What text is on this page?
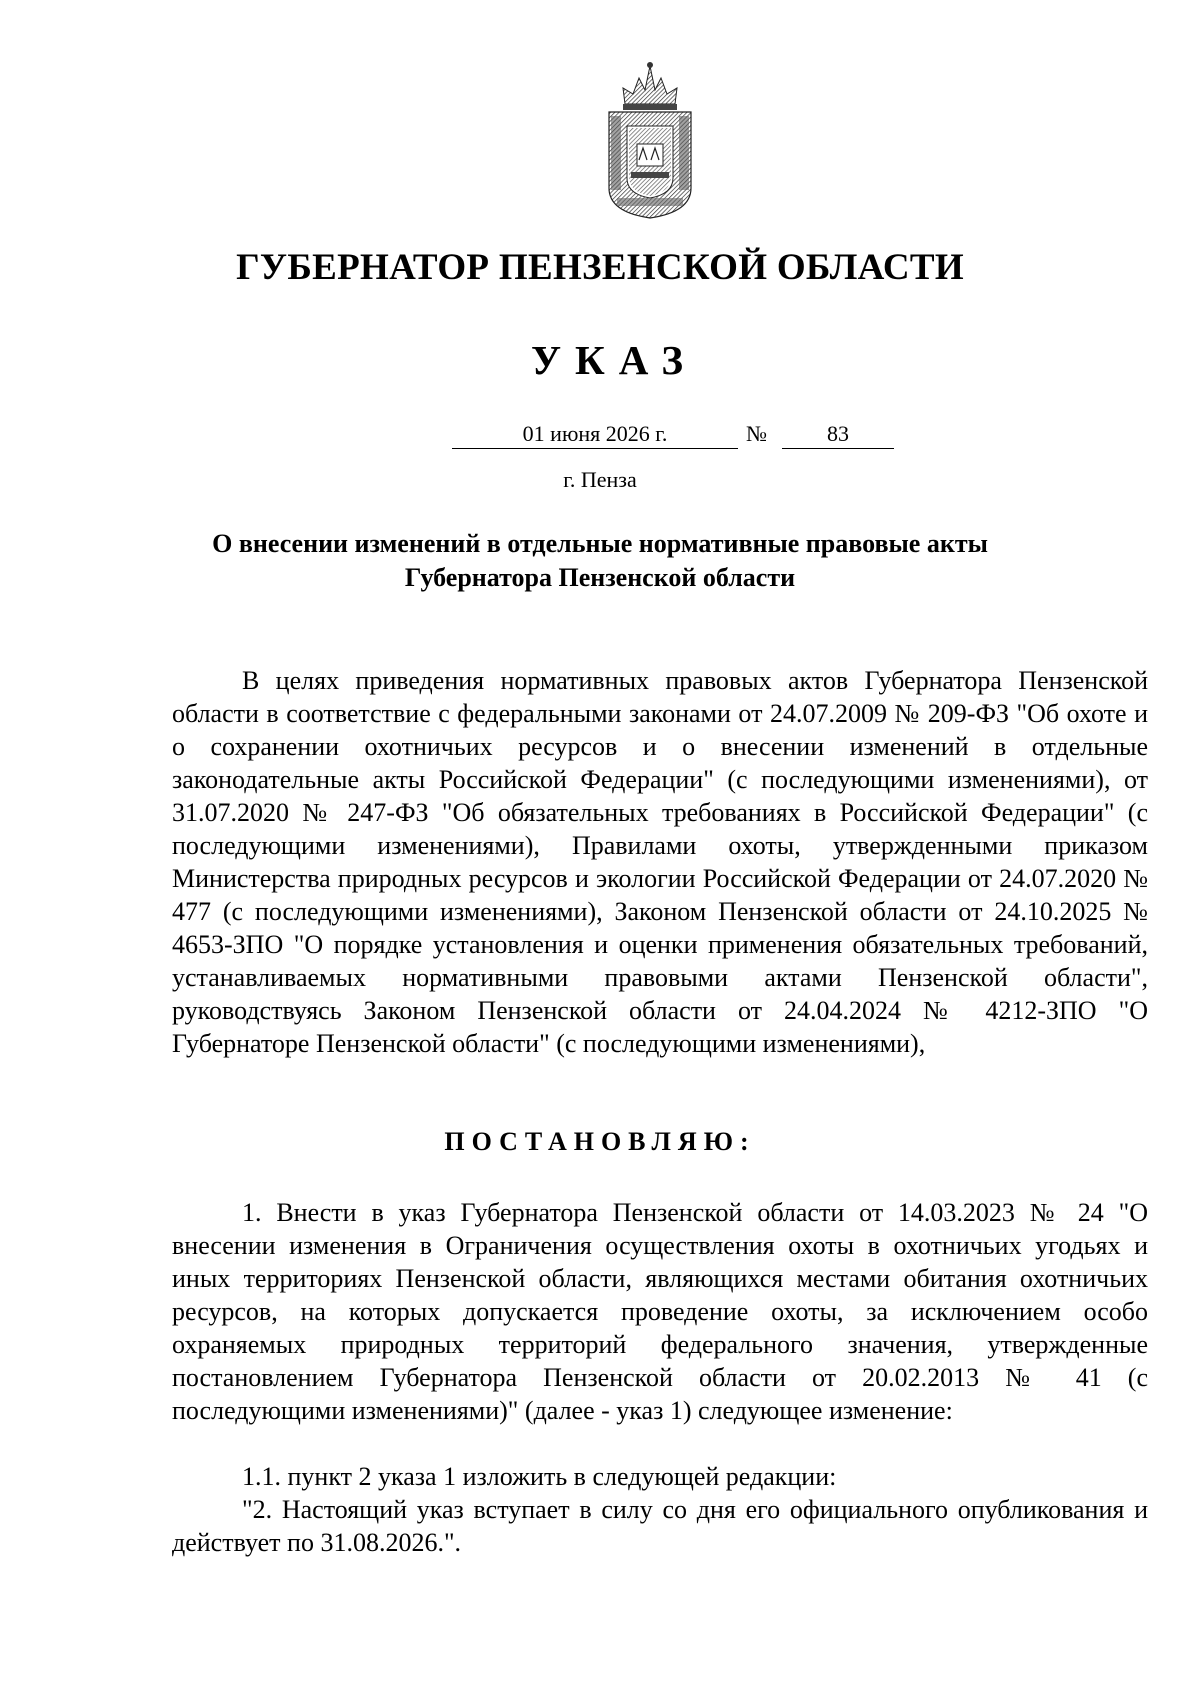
ГУБЕРНАТОР ПЕНЗЕНСКОЙ ОБЛАСТИ
УКАЗ
01 июня 2026 г.	№	83
г. Пенза

О внесении изменений в отдельные нормативные правовые акты Губернатора Пензенской области

В целях приведения нормативных правовых актов Губернатора Пензенской области в соответствие с федеральными законами от 24.07.2009 № 209-ФЗ "Об охоте и о сохранении охотничьих ресурсов и о внесении изменений в отдельные законодательные акты Российской Федерации" (с последующими изменениями), от 31.07.2020 № 247-ФЗ "Об обязательных требованиях в Российской Федерации" (с последующими изменениями), Правилами охоты, утвержденными приказом Министерства природных ресурсов и экологии Российской Федерации от 24.07.2020 № 477 (с последующими изменениями), Законом Пензенской области от 24.10.2025 № 4653-ЗПО "О порядке установления и оценки применения обязательных требований, устанавливаемых нормативными правовыми актами Пензенской области", руководствуясь Законом Пензенской области от 24.04.2024 № 4212-ЗПО "О Губернаторе Пензенской области" (с последующими изменениями),

ПОСТАНОВЛЯЮ:

1. Внести в указ Губернатора Пензенской области от 14.03.2023 № 24 "О внесении изменения в Ограничения осуществления охоты в охотничьих угодьях и иных территориях Пензенской области, являющихся местами обитания охотничьих ресурсов, на которых допускается проведение охоты, за исключением особо охраняемых природных территорий федерального значения, утвержденные постановлением Губернатора Пензенской области от 20.02.2013 № 41 (с последующими изменениями)" (далее - указ 1) следующее изменение:

1.1. пункт 2 указа 1 изложить в следующей редакции:

"2. Настоящий указ вступает в силу со дня его официального опубликования и действует по 31.08.2026.".
